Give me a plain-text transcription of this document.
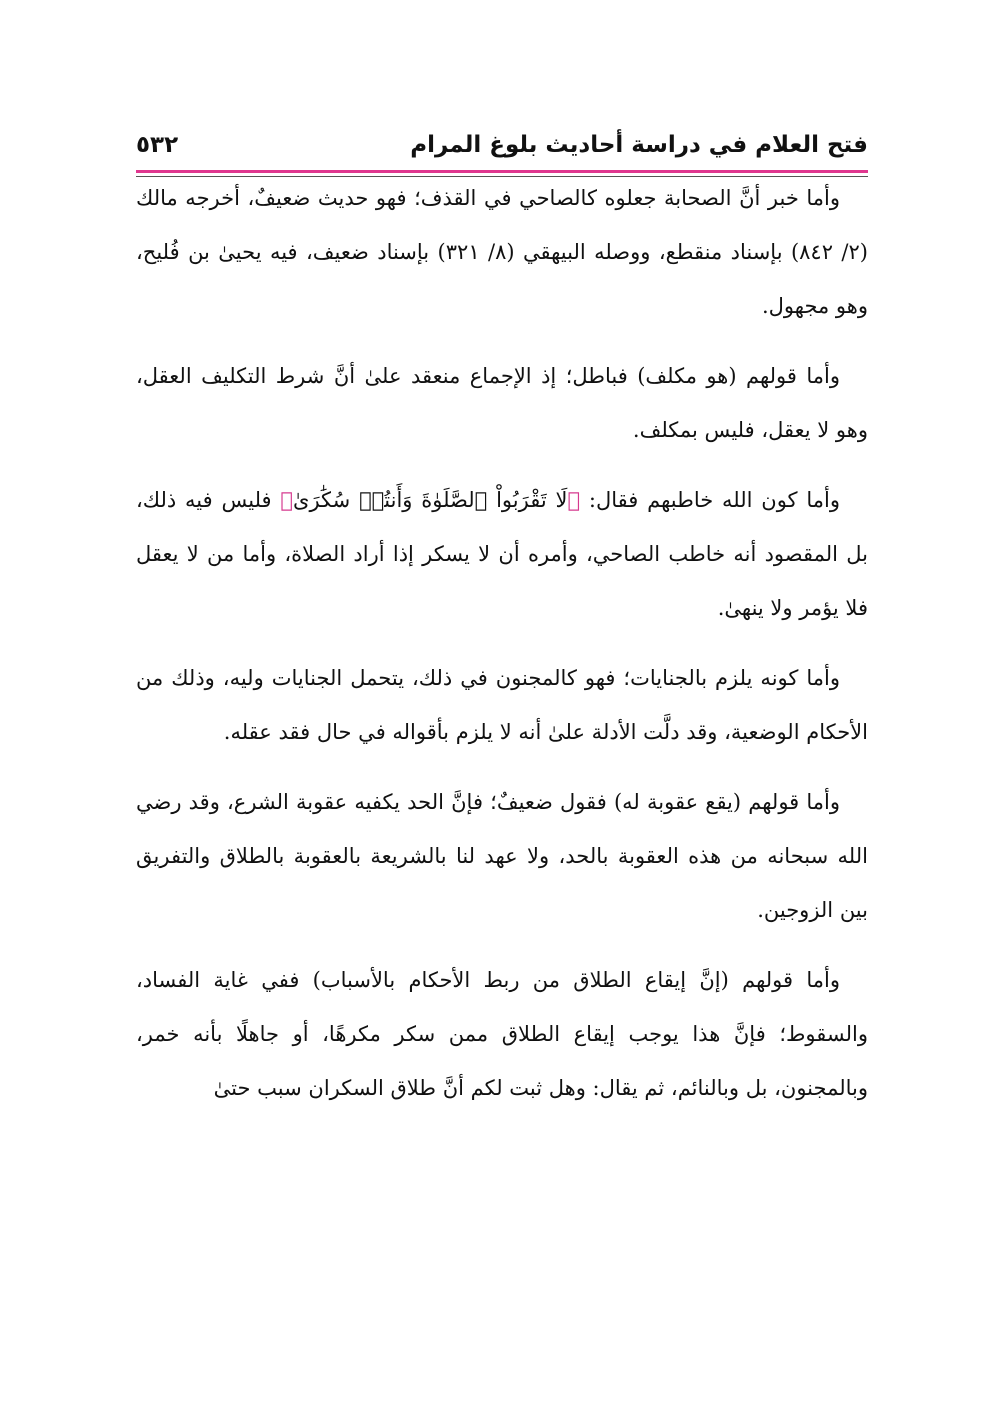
فتح العلام في دراسة أحاديث بلوغ المرام
٥٣٢

وأما خبر أنَّ الصحابة جعلوه كالصاحي في القذف؛ فهو حديث ضعيفٌ، أخرجه مالك (٢/ ٨٤٢) بإسناد منقطع، ووصله البيهقي (٨/ ٣٢١) بإسناد ضعيف، فيه يحيىٰ بن فُليح، وهو مجهول.

وأما قولهم (هو مكلف) فباطل؛ إذ الإجماع منعقد علىٰ أنَّ شرط التكليف العقل، وهو لا يعقل، فليس بمكلف.

وأما كون الله خاطبهم فقال: ﴿لَا تَقْرَبُواْ ٱلصَّلَوٰةَ وَأَنتُمۡ سُكَٰرَىٰ﴾ فليس فيه ذلك، بل المقصود أنه خاطب الصاحي، وأمره أن لا يسكر إذا أراد الصلاة، وأما من لا يعقل فلا يؤمر ولا ينهىٰ.

وأما كونه يلزم بالجنايات؛ فهو كالمجنون في ذلك، يتحمل الجنايات وليه، وذلك من الأحكام الوضعية، وقد دلَّت الأدلة علىٰ أنه لا يلزم بأقواله في حال فقد عقله.

وأما قولهم (يقع عقوبة له) فقول ضعيفٌ؛ فإنَّ الحد يكفيه عقوبة الشرع، وقد رضي الله سبحانه من هذه العقوبة بالحد، ولا عهد لنا بالشريعة بالعقوبة بالطلاق والتفريق بين الزوجين.

وأما قولهم (إنَّ إيقاع الطلاق من ربط الأحكام بالأسباب) ففي غاية الفساد، والسقوط؛ فإنَّ هذا يوجب إيقاع الطلاق ممن سكر مكرهًا، أو جاهلًا بأنه خمر، وبالمجنون، بل وبالنائم، ثم يقال: وهل ثبت لكم أنَّ طلاق السكران سبب حتىٰ
